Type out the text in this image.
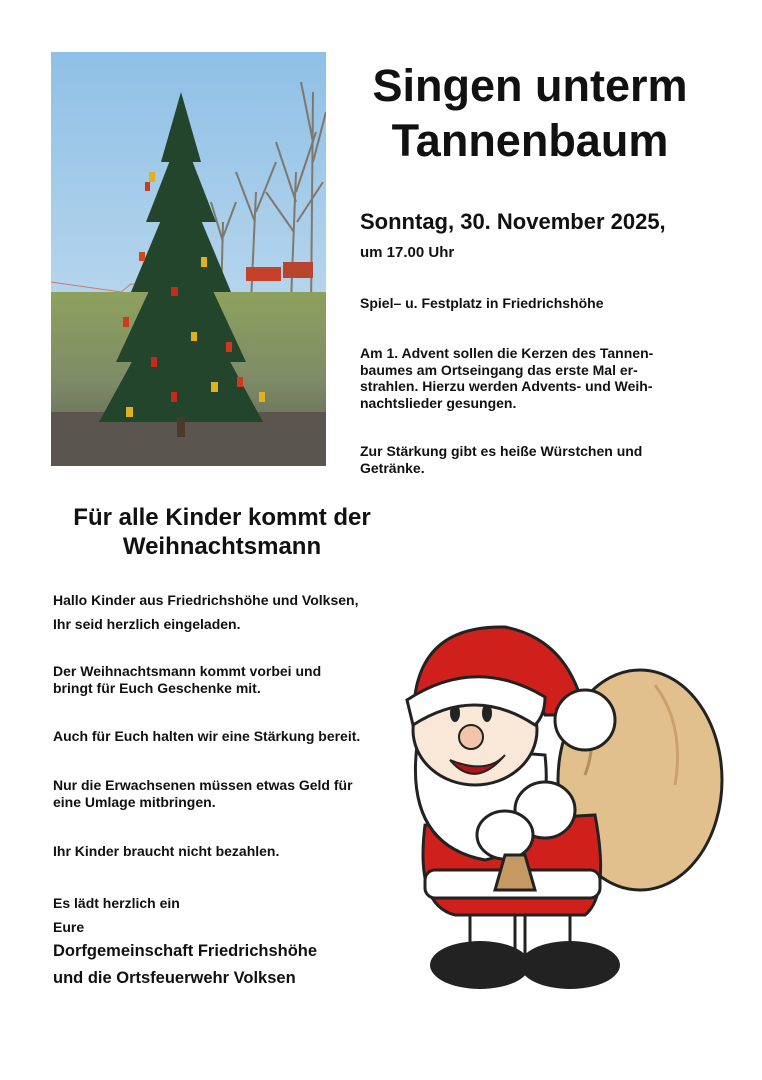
Singen unterm
Tannenbaum
Sonntag, 30. November 2025,
um 17.00 Uhr
Spiel– u. Festplatz in Friedrichshöhe
Am 1. Advent sollen die Kerzen des Tannen-
baumes am Ortseingang das erste Mal er-
strahlen. Hierzu werden Advents- und Weih-
nachtslieder gesungen.
Zur Stärkung gibt es heiße Würstchen und
Getränke.
Für alle Kinder kommt der
Weihnachtsmann
Hallo Kinder aus Friedrichshöhe und Volksen,
Ihr seid herzlich eingeladen.
Der Weihnachtsmann kommt vorbei und
bringt für Euch Geschenke mit.
Auch für Euch halten wir eine Stärkung bereit.
Nur die Erwachsenen müssen etwas Geld für
eine Umlage mitbringen.
Ihr Kinder braucht nicht bezahlen.
Es lädt herzlich ein
Eure
Dorfgemeinschaft Friedrichshöhe
und die Ortsfeuerwehr Volksen
